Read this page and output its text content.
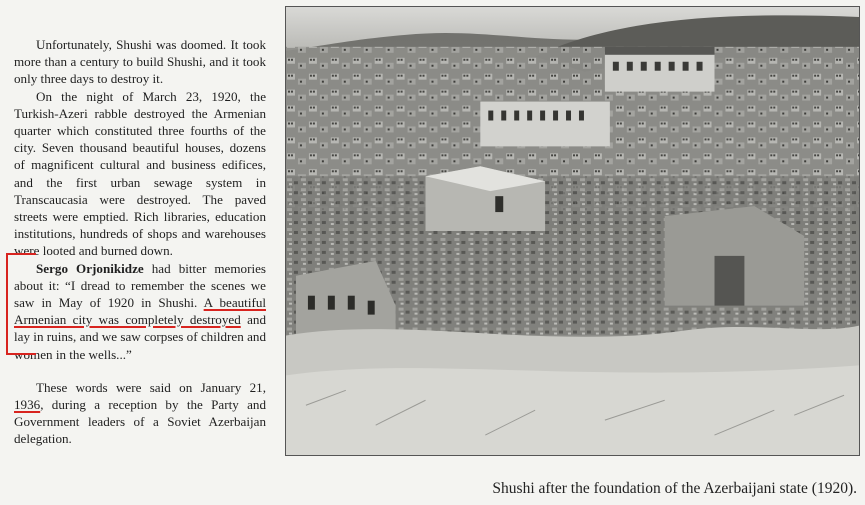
Unfortunately, Shushi was doomed. It took more than a century to build Shushi, and it took only three days to destroy it.

On the night of March 23, 1920, the Turkish-Azeri rabble destroyed the Armenian quarter which constituted three fourths of the city. Seven thousand beautiful houses, dozens of magnificent cultural and business edifices, and the first urban sewage system in Transcaucasia were destroyed. The paved streets were emptied. Rich libraries, education institutions, hundreds of shops and warehouses were looted and burned down.

Sergo Orjonikidze had bitter memories about it: “I dread to remember the scenes we saw in May of 1920 in Shushi. A beautiful Armenian city was completely destroyed and lay in ruins, and we saw corpses of children and women in the wells...”

These words were said on January 21, 1936, during a reception by the Party and Government leaders of a Soviet Azerbaijan delegation.

Shushi after the foundation of the Azerbaijani state (1920).
